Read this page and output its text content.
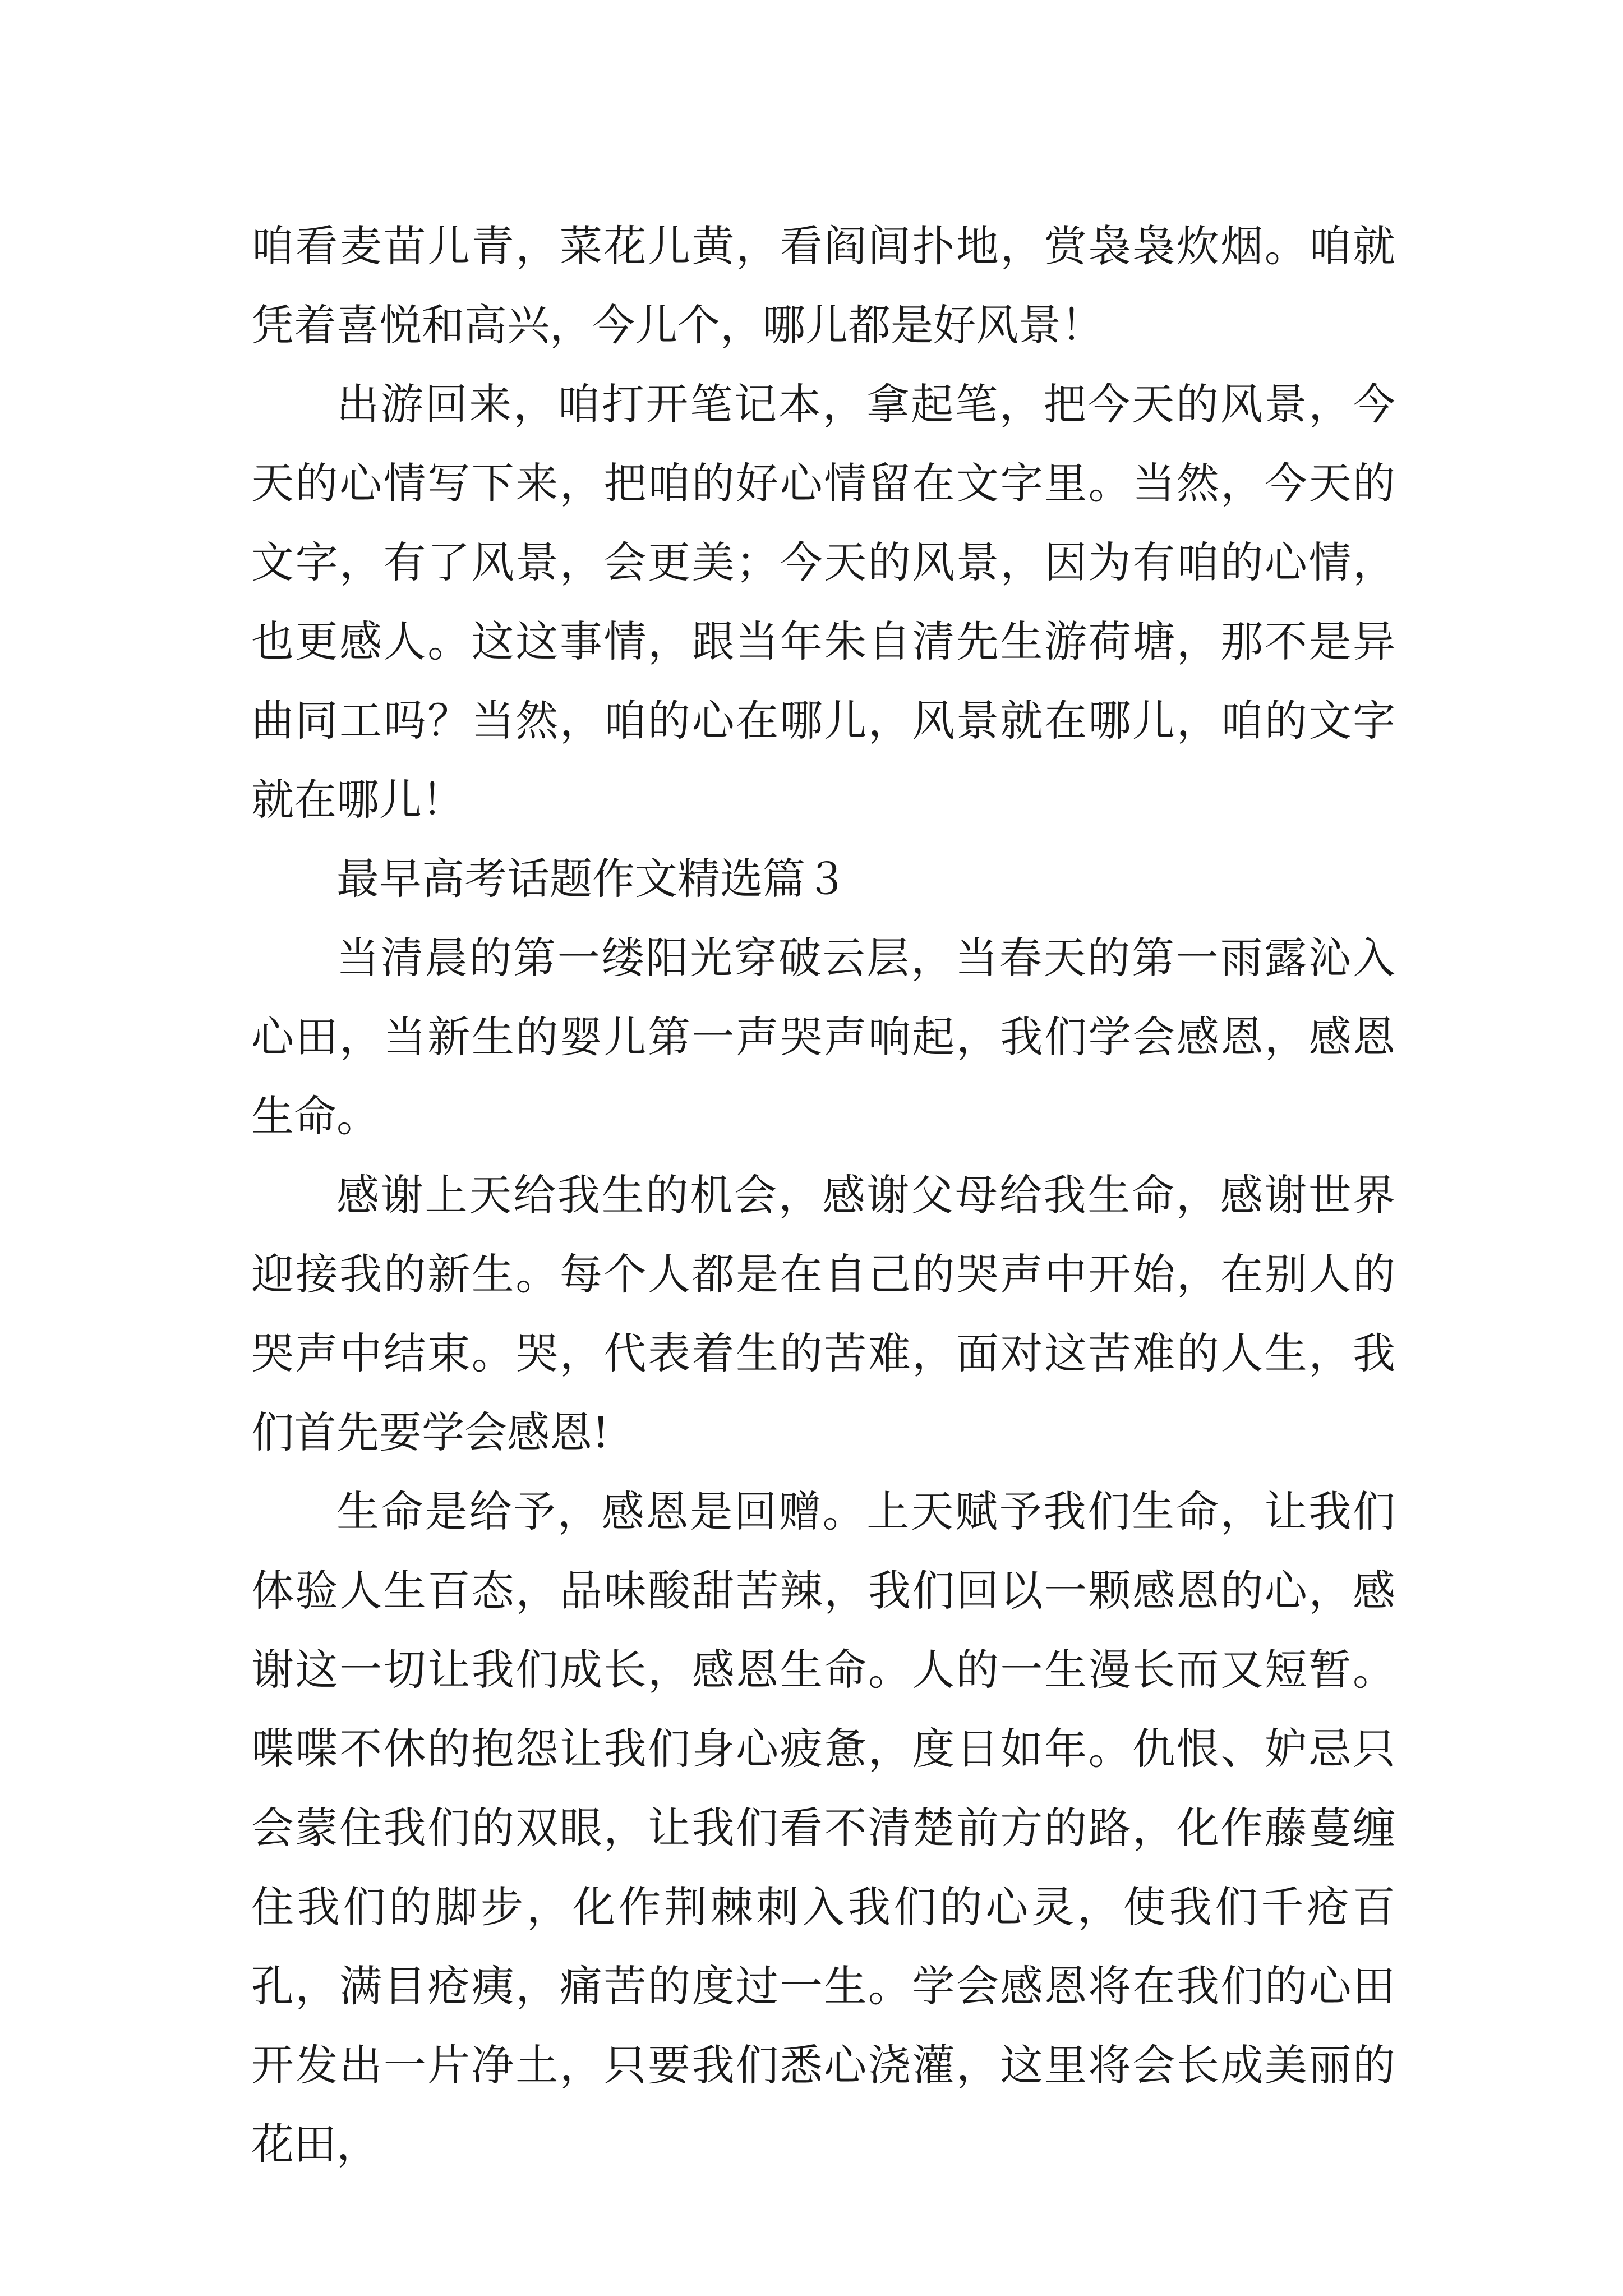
咱看麦苗儿青，菜花儿黄，看阎闾扑地，赏袅袅炊烟。咱就凭着喜悦和高兴，今儿个，哪儿都是好风景！

出游回来，咱打开笔记本，拿起笔，把今天的风景，今天的心情写下来，把咱的好心情留在文字里。当然，今天的文字，有了风景，会更美；今天的风景，因为有咱的心情，也更感人。这这事情，跟当年朱自清先生游荷塘，那不是异曲同工吗？当然，咱的心在哪儿，风景就在哪儿，咱的文字就在哪儿！

最早高考话题作文精选篇３

当清晨的第一缕阳光穿破云层，当春天的第一雨露沁入心田，当新生的婴儿第一声哭声响起，我们学会感恩，感恩生命。

感谢上天给我生的机会，感谢父母给我生命，感谢世界迎接我的新生。每个人都是在自己的哭声中开始，在别人的哭声中结束。哭，代表着生的苦难，面对这苦难的人生，我们首先要学会感恩!

生命是给予，感恩是回赠。上天赋予我们生命，让我们体验人生百态，品味酸甜苦辣，我们回以一颗感恩的心，感谢这一切让我们成长，感恩生命。人的一生漫长而又短暂。喋喋不休的抱怨让我们身心疲惫，度日如年。仇恨、妒忌只会蒙住我们的双眼，让我们看不清楚前方的路，化作藤蔓缠住我们的脚步，化作荆棘刺入我们的心灵，使我们千疮百孔，满目疮痍，痛苦的度过一生。学会感恩将在我们的心田开发出一片净土，只要我们悉心浇灌，这里将会长成美丽的花田，
